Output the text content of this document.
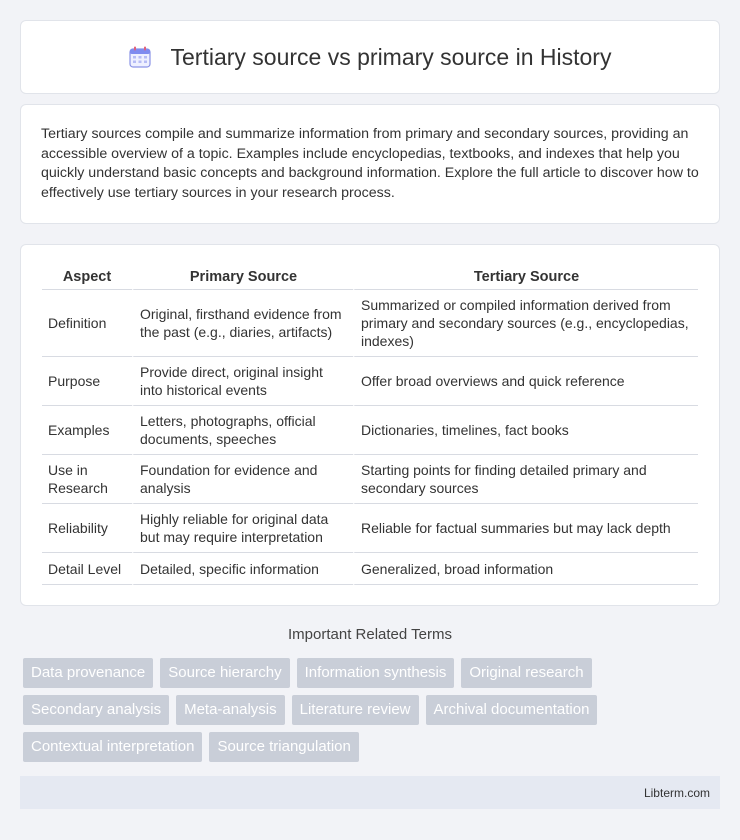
Tertiary source vs primary source in History

Tertiary sources compile and summarize information from primary and secondary sources, providing an accessible overview of a topic. Examples include encyclopedias, textbooks, and indexes that help you quickly understand basic concepts and background information. Explore the full article to discover how to effectively use tertiary sources in your research process.

Aspect	Primary Source	Tertiary Source
Definition	Original, firsthand evidence from the past (e.g., diaries, artifacts)	Summarized or compiled information derived from primary and secondary sources (e.g., encyclopedias, indexes)
Purpose	Provide direct, original insight into historical events	Offer broad overviews and quick reference
Examples	Letters, photographs, official documents, speeches	Dictionaries, timelines, fact books
Use in Research	Foundation for evidence and analysis	Starting points for finding detailed primary and secondary sources
Reliability	Highly reliable for original data but may require interpretation	Reliable for factual summaries but may lack depth
Detail Level	Detailed, specific information	Generalized, broad information
Important Related Terms
Data provenance	Source hierarchy	Information synthesis	Original research
Secondary analysis	Meta-analysis	Literature review	Archival documentation
Contextual interpretation	Source triangulation
Libterm.com
